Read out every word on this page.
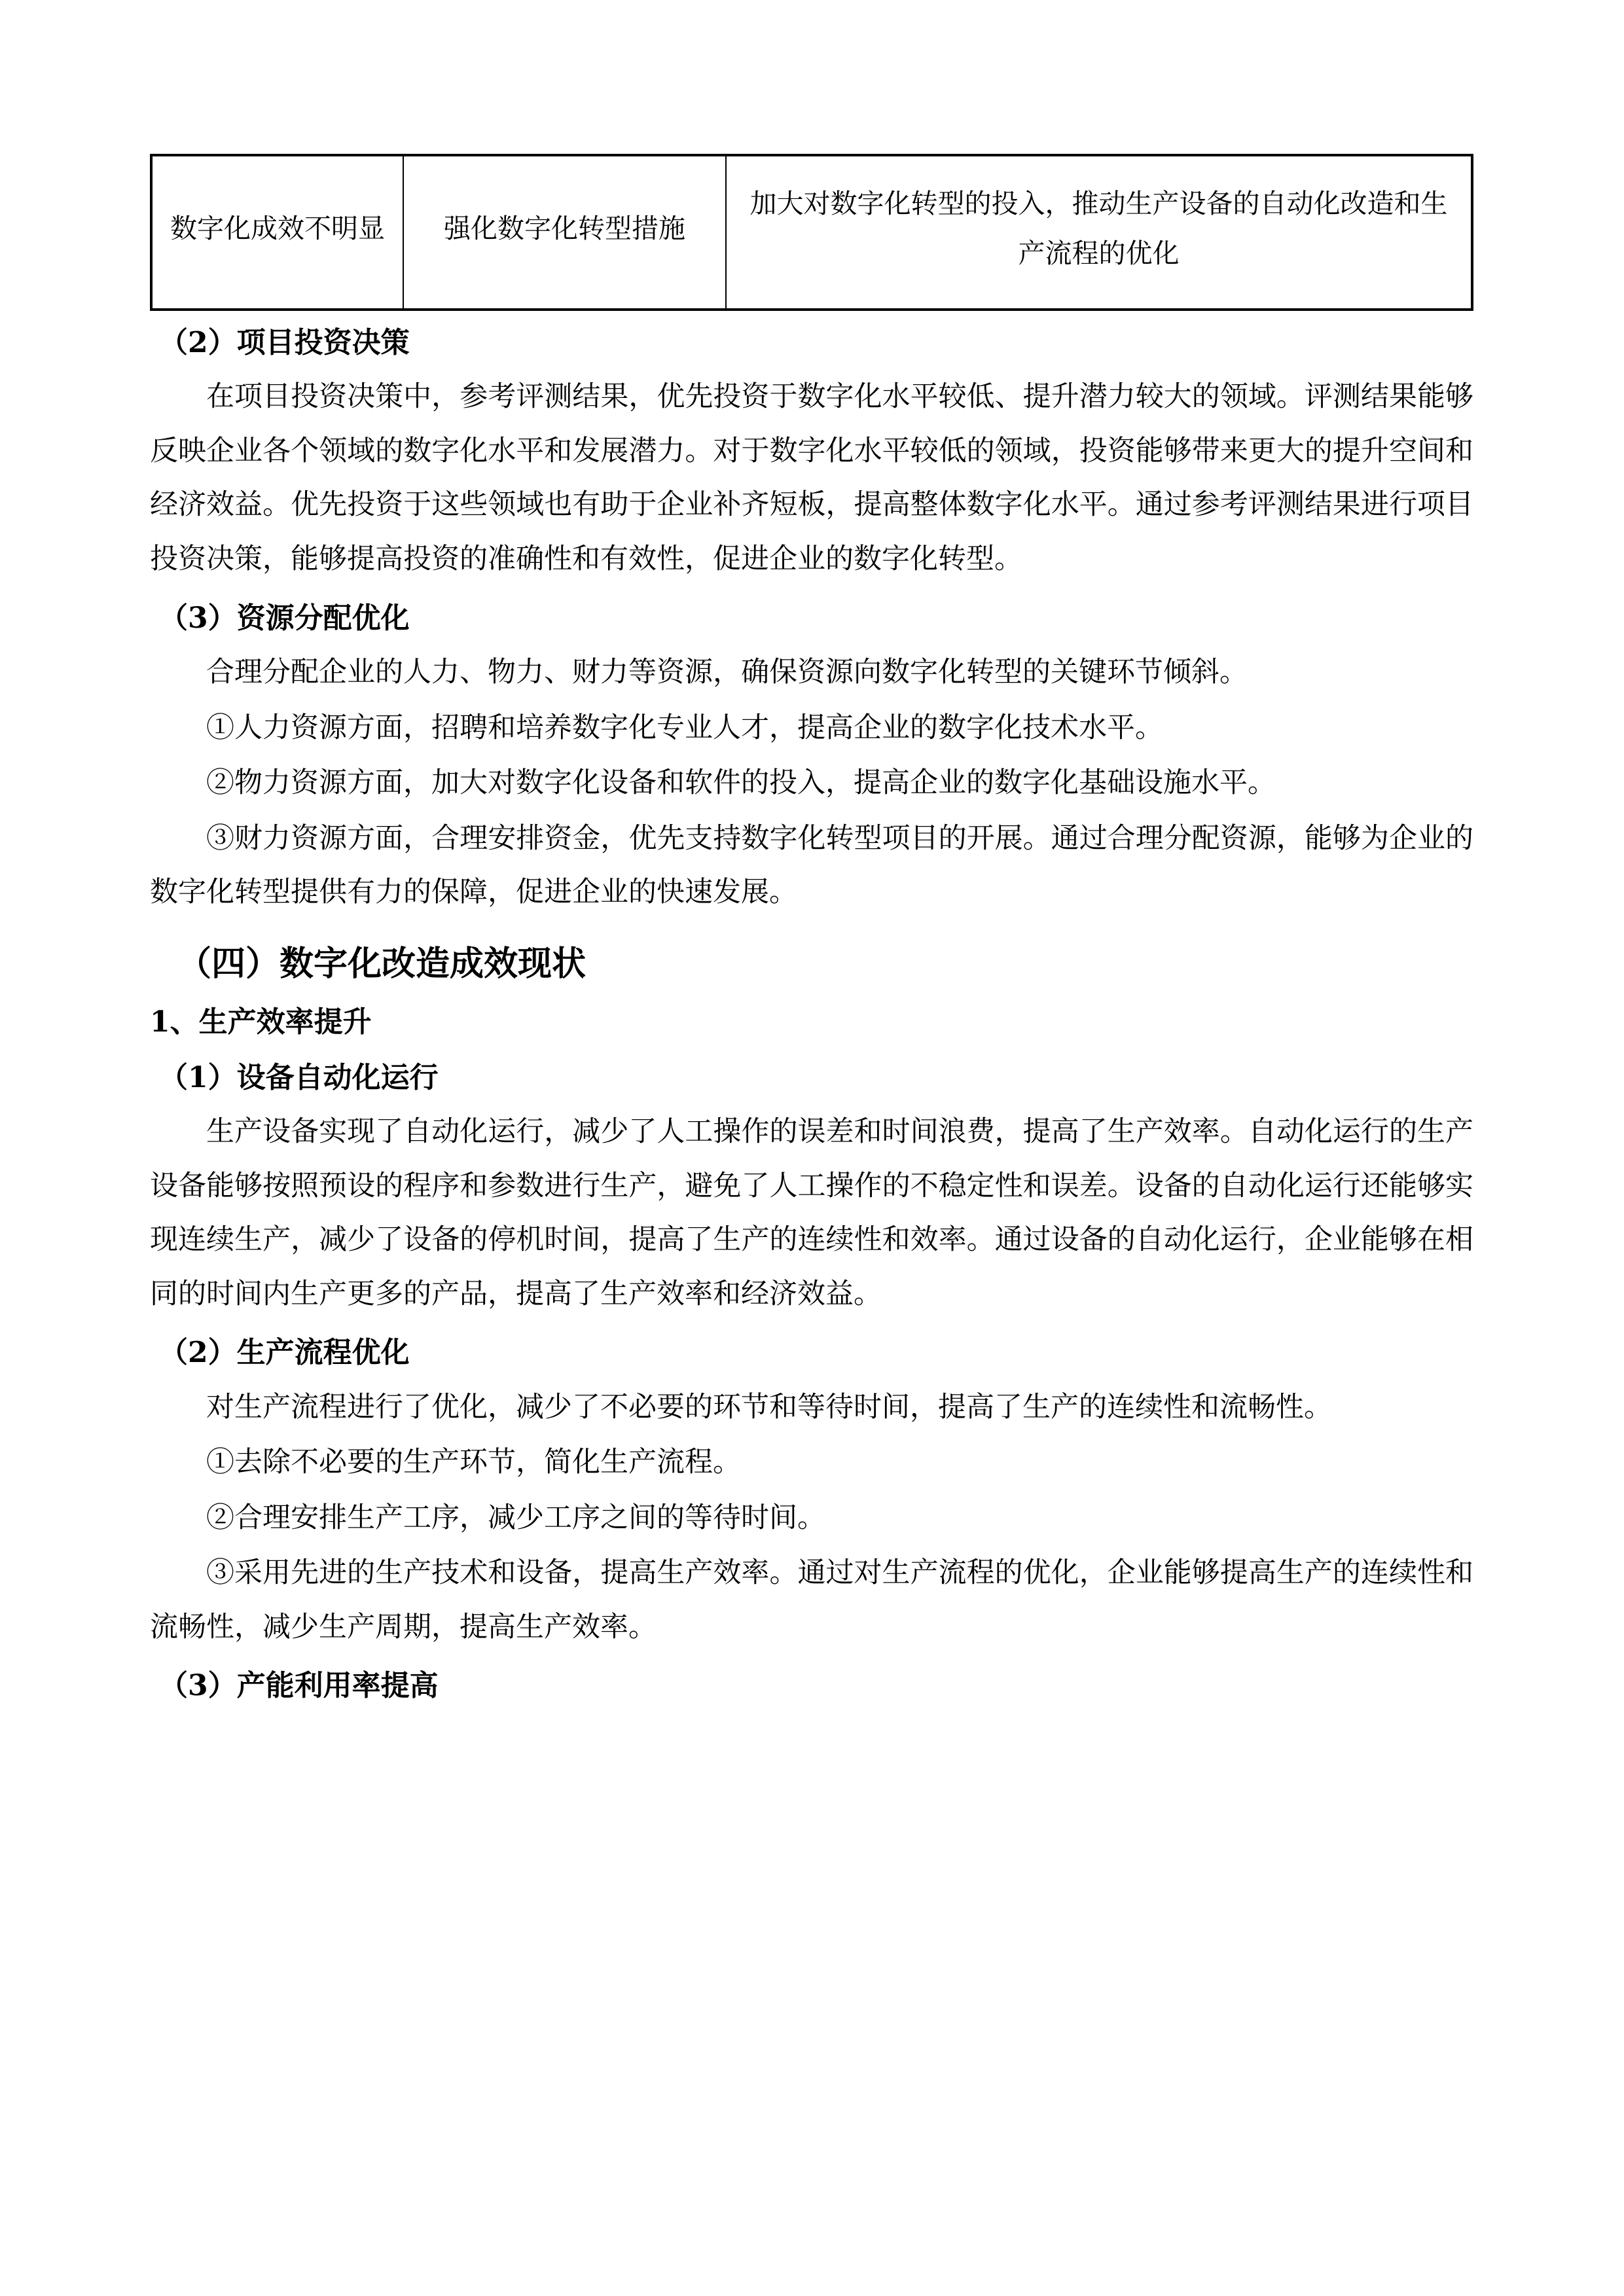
数字化成效不明显	强化数字化转型措施	加大对数字化转型的投入，推动生产设备的自动化改造和生产流程的优化
（2）项目投资决策

在项目投资决策中，参考评测结果，优先投资于数字化水平较低、提升潜力较大的领域。评测结果能够反映企业各个领域的数字化水平和发展潜力。对于数字化水平较低的领域，投资能够带来更大的提升空间和经济效益。优先投资于这些领域也有助于企业补齐短板，提高整体数字化水平。通过参考评测结果进行项目投资决策，能够提高投资的准确性和有效性，促进企业的数字化转型。

（3）资源分配优化

合理分配企业的人力、物力、财力等资源，确保资源向数字化转型的关键环节倾斜。

①人力资源方面，招聘和培养数字化专业人才，提高企业的数字化技术水平。

②物力资源方面，加大对数字化设备和软件的投入，提高企业的数字化基础设施水平。

③财力资源方面，合理安排资金，优先支持数字化转型项目的开展。通过合理分配资源，能够为企业的数字化转型提供有力的保障，促进企业的快速发展。

（四）数字化改造成效现状
1、生产效率提升
（1）设备自动化运行

生产设备实现了自动化运行，减少了人工操作的误差和时间浪费，提高了生产效率。自动化运行的生产设备能够按照预设的程序和参数进行生产，避免了人工操作的不稳定性和误差。设备的自动化运行还能够实现连续生产，减少了设备的停机时间，提高了生产的连续性和效率。通过设备的自动化运行，企业能够在相同的时间内生产更多的产品，提高了生产效率和经济效益。

（2）生产流程优化

对生产流程进行了优化，减少了不必要的环节和等待时间，提高了生产的连续性和流畅性。

①去除不必要的生产环节，简化生产流程。

②合理安排生产工序，减少工序之间的等待时间。

③采用先进的生产技术和设备，提高生产效率。通过对生产流程的优化，企业能够提高生产的连续性和流畅性，减少生产周期，提高生产效率。

（3）产能利用率提高
